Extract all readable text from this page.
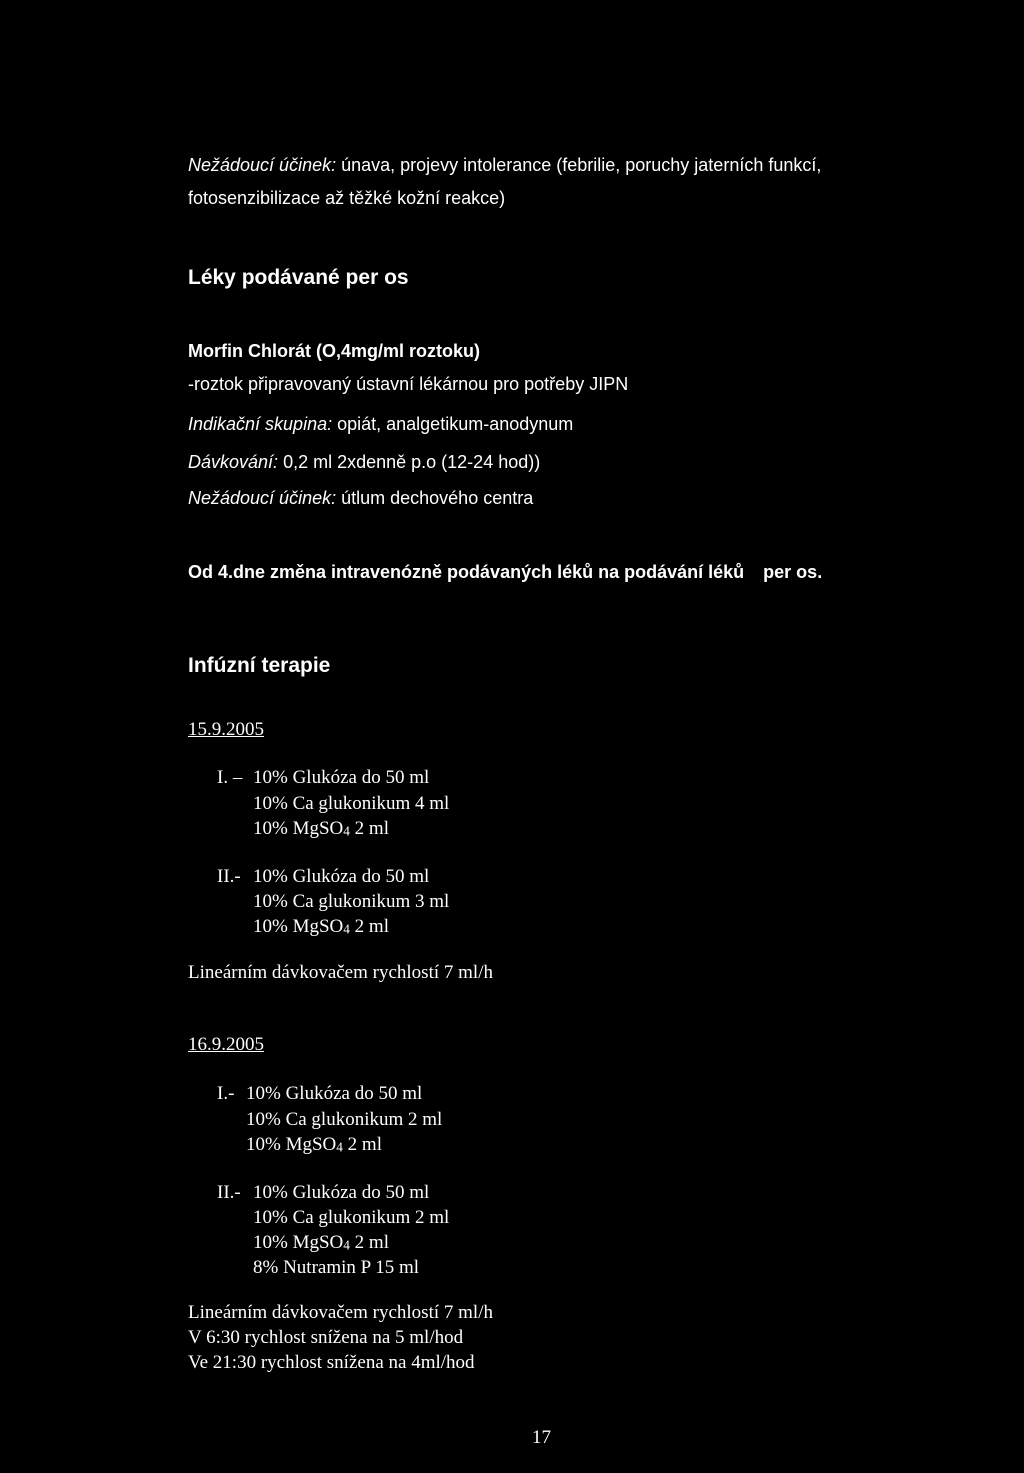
Nežádoucí účinek: únava, projevy intolerance (febrilie, poruchy jaterních funkcí,
fotosenzibilizace až těžké kožní reakce)
Léky podávané per os
Morfin Chlorát (O,4mg/ml roztoku)
-roztok připravovaný ústavní lékárnou pro potřeby JIPN
Indikační skupina: opiát, analgetikum-anodynum
Dávkování: 0,2 ml 2xdenně p.o (12-24 hod))
Nežádoucí účinek: útlum dechového centra
Od 4.dne změna intravenózně podávaných léků na podávání léků per os.
Infúzní terapie
15.9.2005
I. – 10% Glukóza do 50 ml
10% Ca glukonikum 4 ml
10% MgSO$_4$ 2 ml
II.- 10% Glukóza do 50 ml
10% Ca glukonikum 3 ml
10% MgSO$_4$ 2 ml
Lineárním dávkovačem rychlostí 7 ml/h
16.9.2005
I.- 10% Glukóza do 50 ml
10% Ca glukonikum 2 ml
10% MgSO$_4$ 2 ml
II.- 10% Glukóza do 50 ml
10% Ca glukonikum 2 ml
10% MgSO$_4$ 2 ml
8% Nutramin P 15 ml
Lineárním dávkovačem rychlostí 7 ml/h
V 6:30 rychlost snížena na 5 ml/hod
Ve 21:30 rychlost snížena na 4ml/hod
17
